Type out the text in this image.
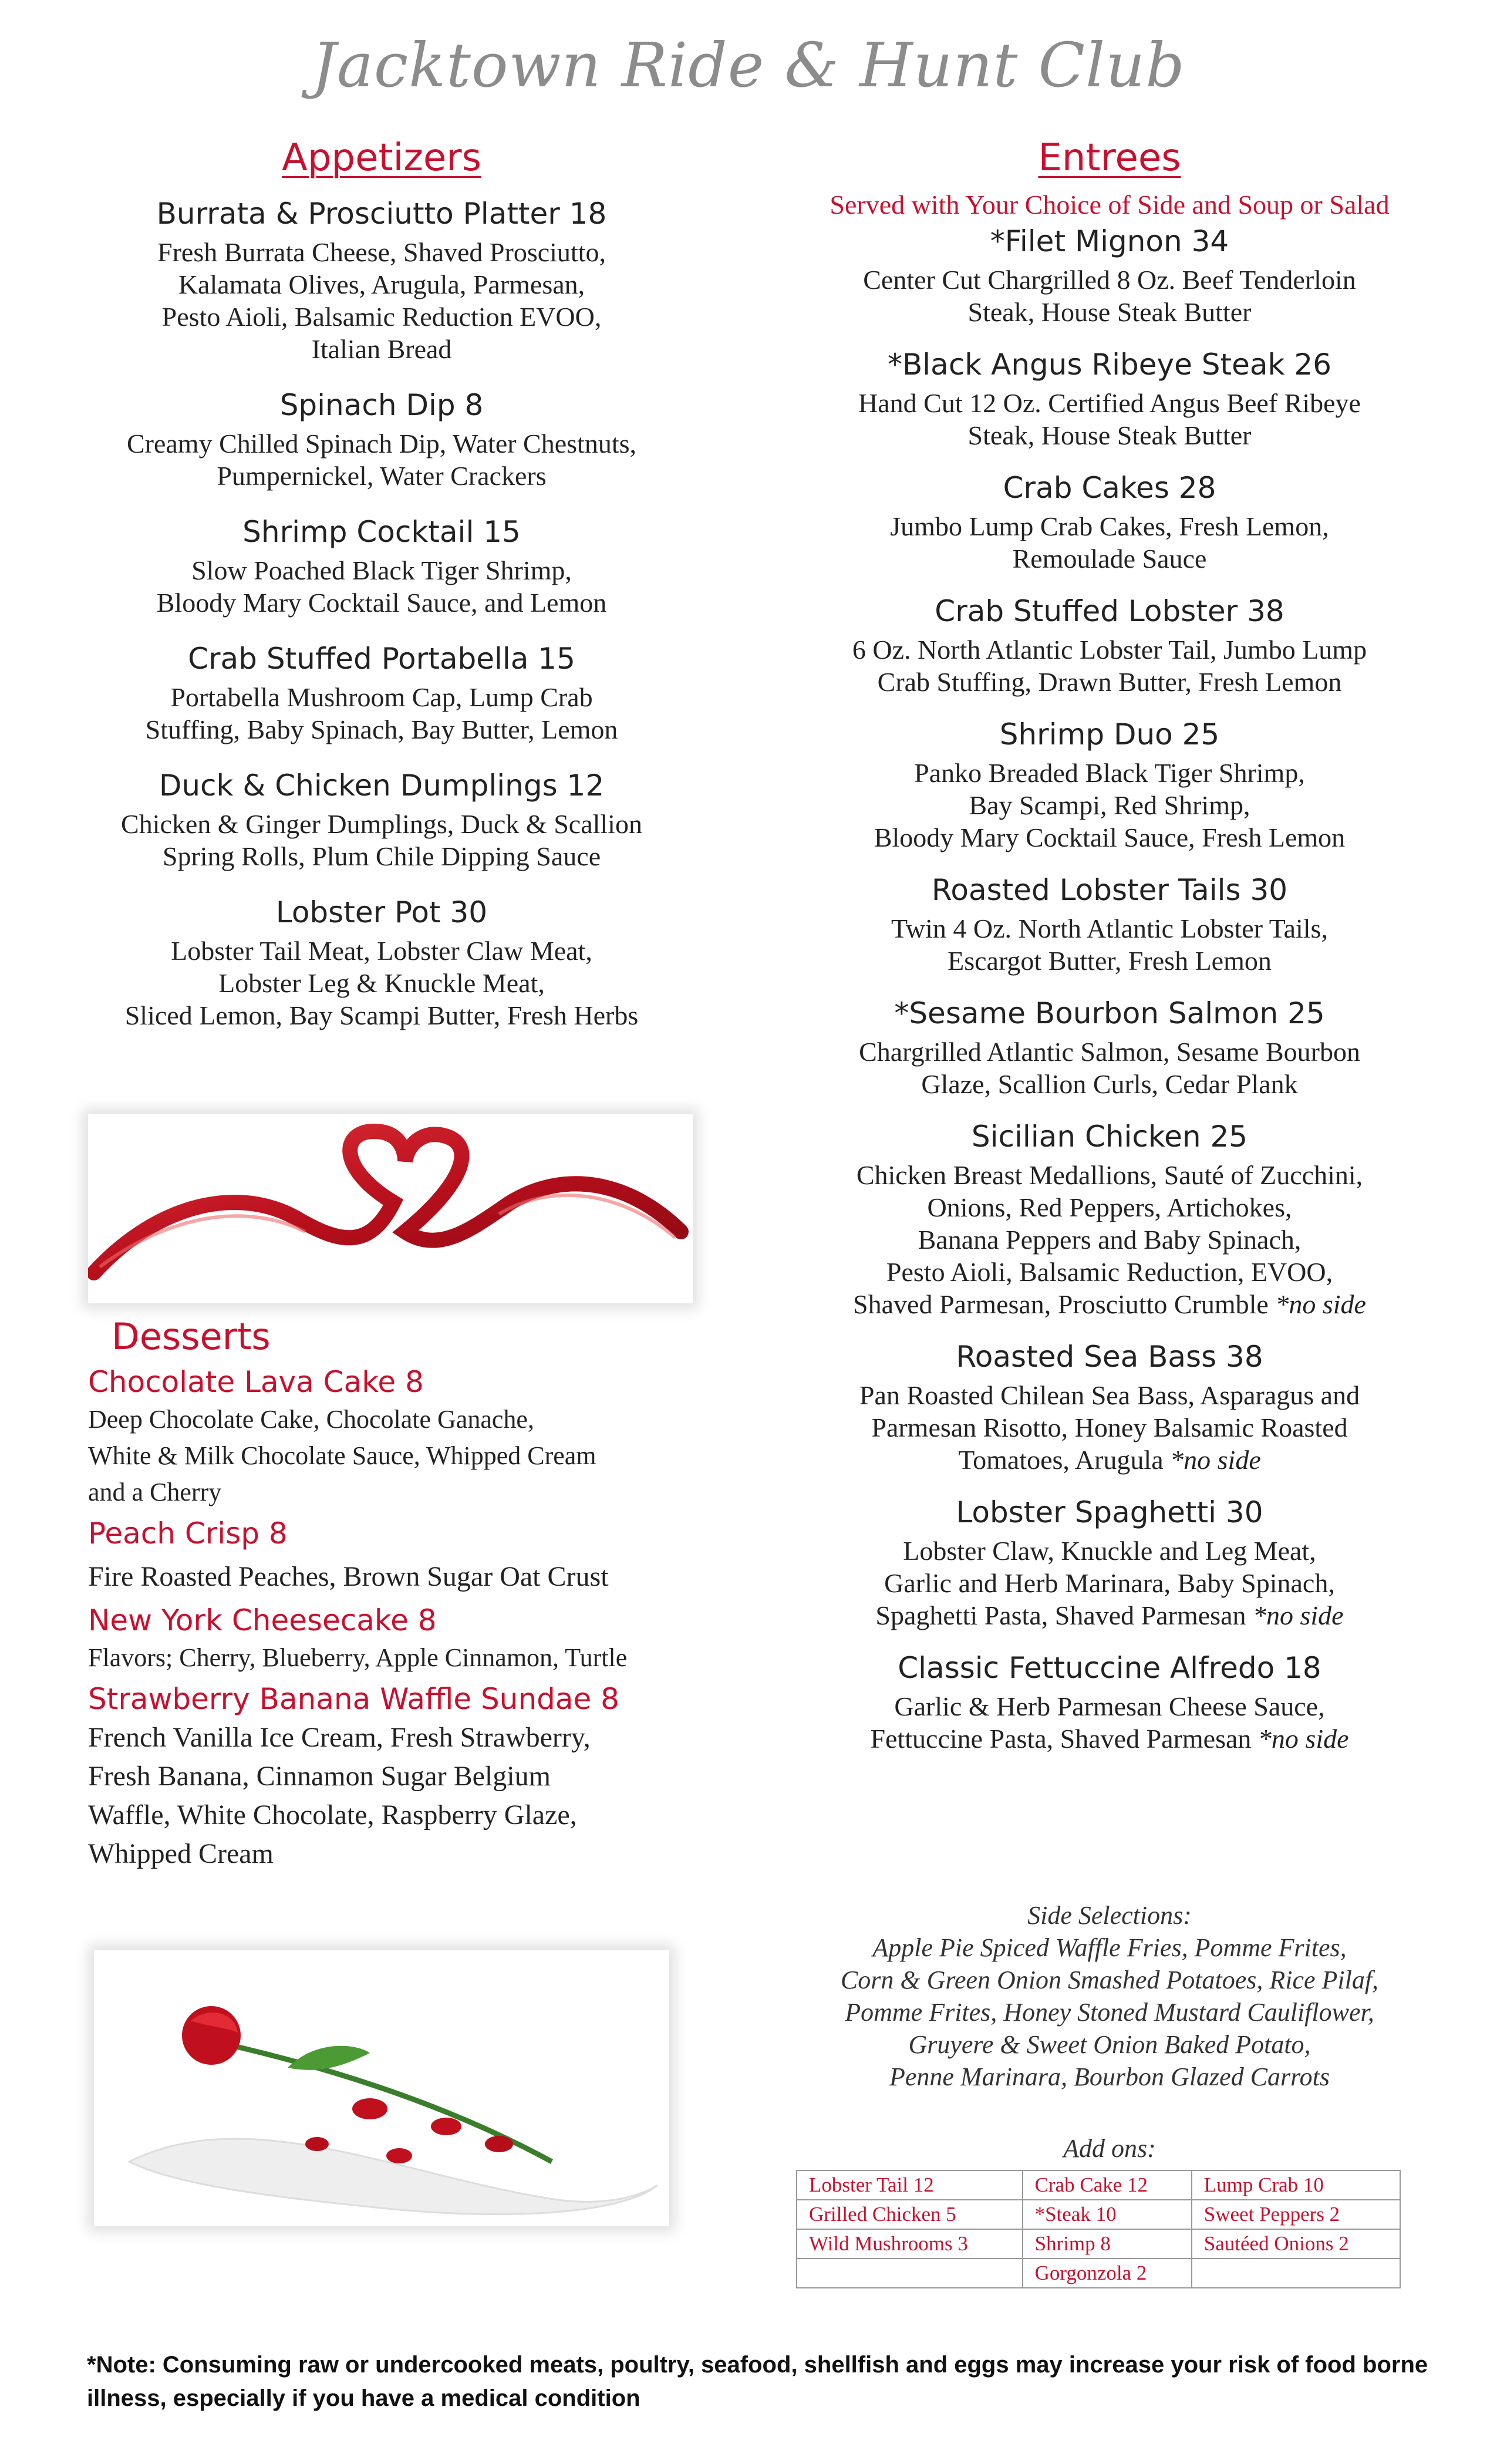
Jacktown Ride & Hunt Club
Appetizers
Burrata & Prosciutto Platter 18
Fresh Burrata Cheese, Shaved Prosciutto,
Kalamata Olives, Arugula, Parmesan,
Pesto Aioli, Balsamic Reduction EVOO,
Italian Bread
Spinach Dip 8
Creamy Chilled Spinach Dip, Water Chestnuts,
Pumpernickel, Water Crackers
Shrimp Cocktail 15
Slow Poached Black Tiger Shrimp,
Bloody Mary Cocktail Sauce, and Lemon
Crab Stuffed Portabella 15
Portabella Mushroom Cap, Lump Crab
Stuffing, Baby Spinach, Bay Butter, Lemon
Duck & Chicken Dumplings 12
Chicken & Ginger Dumplings, Duck & Scallion
Spring Rolls, Plum Chile Dipping Sauce
Lobster Pot 30
Lobster Tail Meat, Lobster Claw Meat,
Lobster Leg & Knuckle Meat,
Sliced Lemon, Bay Scampi Butter, Fresh Herbs
Desserts
Chocolate Lava Cake 8
Deep Chocolate Cake, Chocolate Ganache,
White & Milk Chocolate Sauce, Whipped Cream
and a Cherry
Peach Crisp 8
Fire Roasted Peaches, Brown Sugar Oat Crust
New York Cheesecake 8
Flavors; Cherry, Blueberry, Apple Cinnamon, Turtle
Strawberry Banana Waffle Sundae 8
French Vanilla Ice Cream, Fresh Strawberry,
Fresh Banana, Cinnamon Sugar Belgium
Waffle, White Chocolate, Raspberry Glaze,
Whipped Cream
Entrees
Served with Your Choice of Side and Soup or Salad
*Filet Mignon 34
Center Cut Chargrilled 8 Oz. Beef Tenderloin
Steak, House Steak Butter
*Black Angus Ribeye Steak 26
Hand Cut 12 Oz. Certified Angus Beef Ribeye
Steak, House Steak Butter
Crab Cakes 28
Jumbo Lump Crab Cakes, Fresh Lemon,
Remoulade Sauce
Crab Stuffed Lobster 38
6 Oz. North Atlantic Lobster Tail, Jumbo Lump
Crab Stuffing, Drawn Butter, Fresh Lemon
Shrimp Duo 25
Panko Breaded Black Tiger Shrimp,
Bay Scampi, Red Shrimp,
Bloody Mary Cocktail Sauce, Fresh Lemon
Roasted Lobster Tails 30
Twin 4 Oz. North Atlantic Lobster Tails,
Escargot Butter, Fresh Lemon
*Sesame Bourbon Salmon 25
Chargrilled Atlantic Salmon, Sesame Bourbon
Glaze, Scallion Curls, Cedar Plank
Sicilian Chicken 25
Chicken Breast Medallions, Sauté of Zucchini,
Onions, Red Peppers, Artichokes,
Banana Peppers and Baby Spinach,
Pesto Aioli, Balsamic Reduction, EVOO,
Shaved Parmesan, Prosciutto Crumble *no side
Roasted Sea Bass 38
Pan Roasted Chilean Sea Bass, Asparagus and
Parmesan Risotto, Honey Balsamic Roasted
Tomatoes, Arugula *no side
Lobster Spaghetti 30
Lobster Claw, Knuckle and Leg Meat,
Garlic and Herb Marinara, Baby Spinach,
Spaghetti Pasta, Shaved Parmesan *no side
Classic Fettuccine Alfredo 18
Garlic & Herb Parmesan Cheese Sauce,
Fettuccine Pasta, Shaved Parmesan *no side
Side Selections:
Apple Pie Spiced Waffle Fries, Pomme Frites,
Corn & Green Onion Smashed Potatoes, Rice Pilaf,
Pomme Frites, Honey Stoned Mustard Cauliflower,
Gruyere & Sweet Onion Baked Potato,
Penne Marinara, Bourbon Glazed Carrots
Add ons:
Lobster Tail 12	Crab Cake 12	Lump Crab 10
Grilled Chicken 5	*Steak 10	Sweet Peppers 2
Wild Mushrooms 3	Shrimp 8	Sautéed Onions 2
	Gorgonzola 2	
*Note: Consuming raw or undercooked meats, poultry, seafood, shellfish and eggs may increase your risk of food borne illness, especially if you have a medical condition
